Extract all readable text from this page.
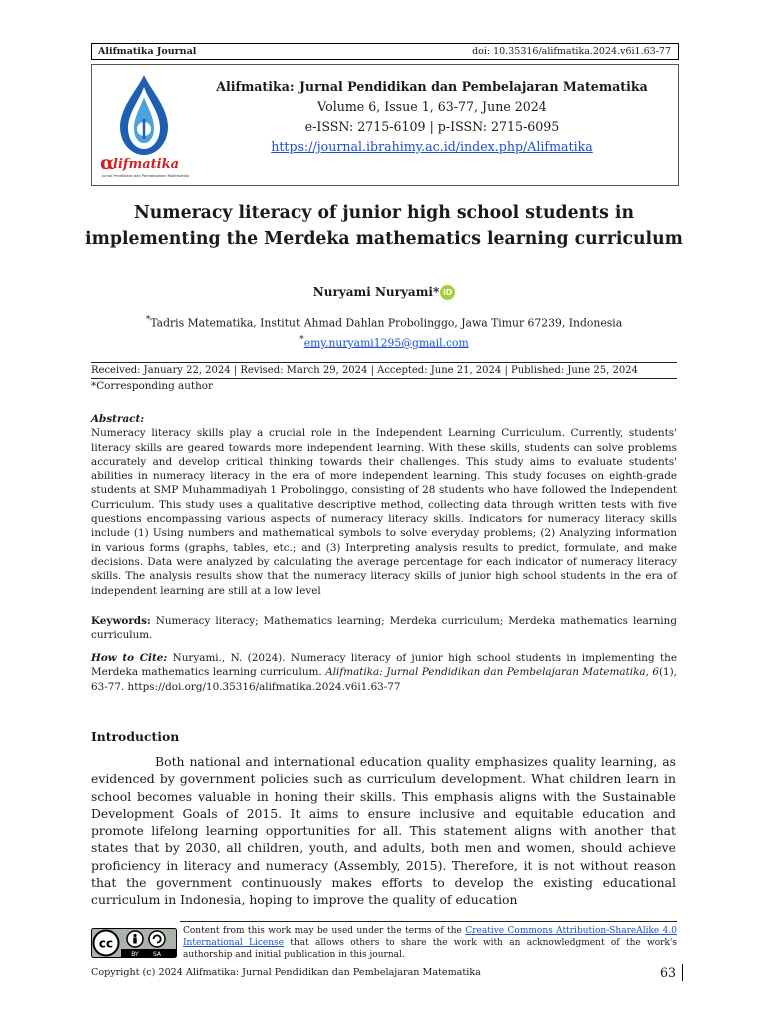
Alifmatika Journal	doi: 10.35316/alifmatika.2024.v6i1.63-77
α
lifmatika
Jurnal Pendidikan dan Pembelajaran Matematika
Alifmatika: Jurnal Pendidikan dan Pembelajaran Matematika
Volume 6, Issue 1, 63-77, June 2024
e-ISSN: 2715-6109 | p-ISSN: 2715-6095
https://journal.ibrahimy.ac.id/index.php/Alifmatika
Numeracy literacy of junior high school students in
implementing the Merdeka mathematics learning curriculum
Nuryami Nuryami* iD
*Tadris Matematika, Institut Ahmad Dahlan Probolinggo, Jawa Timur 67239, Indonesia
*emy.nuryami1295@gmail.com
Received: January 22, 2024 | Revised: March 29, 2024 | Accepted: June 21, 2024 | Published: June 25, 2024
*Corresponding author
Abstract:
Numeracy literacy skills play a crucial role in the Independent Learning Curriculum. Currently, students' literacy skills are geared towards more independent learning. With these skills, students can solve problems accurately and develop critical thinking towards their challenges. This study aims to evaluate students' abilities in numeracy literacy in the era of more independent learning. This study focuses on eighth-grade students at SMP Muhammadiyah 1 Probolinggo, consisting of 28 students who have followed the Independent Curriculum. This study uses a qualitative descriptive method, collecting data through written tests with five questions encompassing various aspects of numeracy literacy skills. Indicators for numeracy literacy skills include (1) Using numbers and mathematical symbols to solve everyday problems; (2) Analyzing information in various forms (graphs, tables, etc.; and (3) Interpreting analysis results to predict, formulate, and make decisions. Data were analyzed by calculating the average percentage for each indicator of numeracy literacy skills. The analysis results show that the numeracy literacy skills of junior high school students in the era of independent learning are still at a low level
Keywords: Numeracy literacy; Mathematics learning; Merdeka curriculum; Merdeka mathematics learning curriculum.
How to Cite: Nuryami., N. (2024). Numeracy literacy of junior high school students in implementing the Merdeka mathematics learning curriculum. Alifmatika: Jurnal Pendidikan dan Pembelajaran Matematika, 6(1), 63-77. https://doi.org/10.35316/alifmatika.2024.v6i1.63-77
Introduction
Both national and international education quality emphasizes quality learning, as evidenced by government policies such as curriculum development. What children learn in school becomes valuable in honing their skills. This emphasis aligns with the Sustainable Development Goals of 2015. It aims to ensure inclusive and equitable education and promote lifelong learning opportunities for all. This statement aligns with another that states that by 2030, all children, youth, and adults, both men and women, should achieve proficiency in literacy and numeracy (Assembly, 2015). Therefore, it is not without reason that the government continuously makes efforts to develop the existing educational curriculum in Indonesia, hoping to improve the quality of education
cc
BY SA
Content from this work may be used under the terms of the Creative Commons Attribution-ShareAlike 4.0 International License that allows others to share the work with an acknowledgment of the work's authorship and initial publication in this journal.
Copyright (c) 2024 Alifmatika: Jurnal Pendidikan dan Pembelajaran Matematika	63
